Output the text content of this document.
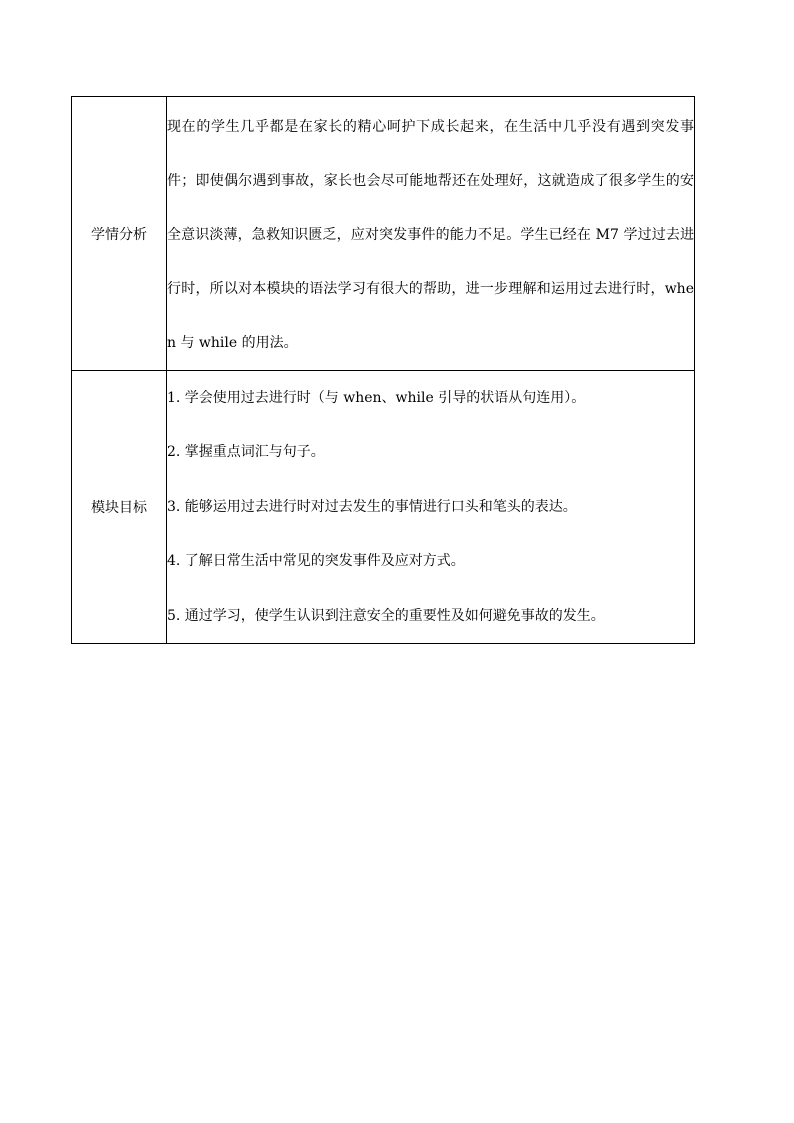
学情分析	现在的学生几乎都是在家长的精心呵护下成长起来，在生活中几乎没有遇到突发事件；即使偶尔遇到事故，家长也会尽可能地帮还在处理好，这就造成了很多学生的安全意识淡薄，急救知识匮乏，应对突发事件的能力不足。学生已经在 M7 学过过去进行时，所以对本模块的语法学习有很大的帮助，进一步理解和运用过去进行时，when 与 while 的用法。

模块目标	1. 学会使用过去进行时（与 when、while 引导的状语从句连用）。
2. 掌握重点词汇与句子。
3. 能够运用过去进行时对过去发生的事情进行口头和笔头的表达。
4. 了解日常生活中常见的突发事件及应对方式。
5. 通过学习，使学生认识到注意安全的重要性及如何避免事故的发生。
